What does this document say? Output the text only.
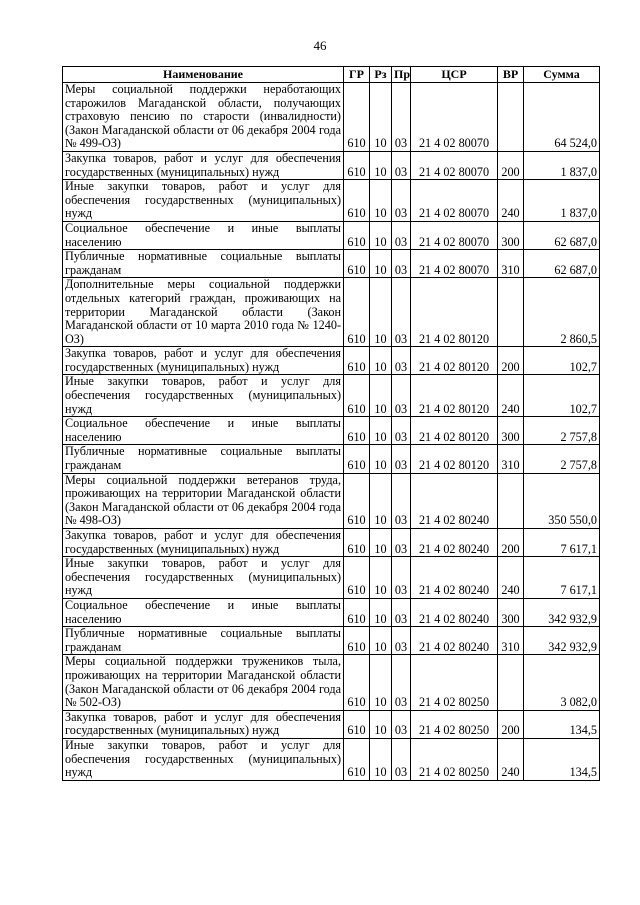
46
Наименование	ГР	Рз	Пр	ЦСР	ВР	Сумма
Меры социальной поддержки неработающих старожилов Магаданской области, получающих страховую пенсию по старости (инвалидности) (Закон Магаданской области от 06 декабря 2004 года № 499-ОЗ)	610	10	03	21 4 02 80070		64 524,0
Закупка товаров, работ и услуг для обеспечения государственных (муниципальных) нужд	610	10	03	21 4 02 80070	200	1 837,0
Иные закупки товаров, работ и услуг для обеспечения государственных (муниципальных) нужд	610	10	03	21 4 02 80070	240	1 837,0
Социальное обеспечение и иные выплаты населению	610	10	03	21 4 02 80070	300	62 687,0
Публичные нормативные социальные выплаты гражданам	610	10	03	21 4 02 80070	310	62 687,0
Дополнительные меры социальной поддержки отдельных категорий граждан, проживающих на территории Магаданской области (Закон Магаданской области от 10 марта 2010 года № 1240-ОЗ)	610	10	03	21 4 02 80120		2 860,5
Закупка товаров, работ и услуг для обеспечения государственных (муниципальных) нужд	610	10	03	21 4 02 80120	200	102,7
Иные закупки товаров, работ и услуг для обеспечения государственных (муниципальных) нужд	610	10	03	21 4 02 80120	240	102,7
Социальное обеспечение и иные выплаты населению	610	10	03	21 4 02 80120	300	2 757,8
Публичные нормативные социальные выплаты гражданам	610	10	03	21 4 02 80120	310	2 757,8
Меры социальной поддержки ветеранов труда, проживающих на территории Магаданской области (Закон Магаданской области от 06 декабря 2004 года № 498-ОЗ)	610	10	03	21 4 02 80240		350 550,0
Закупка товаров, работ и услуг для обеспечения государственных (муниципальных) нужд	610	10	03	21 4 02 80240	200	7 617,1
Иные закупки товаров, работ и услуг для обеспечения государственных (муниципальных) нужд	610	10	03	21 4 02 80240	240	7 617,1
Социальное обеспечение и иные выплаты населению	610	10	03	21 4 02 80240	300	342 932,9
Публичные нормативные социальные выплаты гражданам	610	10	03	21 4 02 80240	310	342 932,9
Меры социальной поддержки тружеников тыла, проживающих на территории Магаданской области (Закон Магаданской области от 06 декабря 2004 года № 502-ОЗ)	610	10	03	21 4 02 80250		3 082,0
Закупка товаров, работ и услуг для обеспечения государственных (муниципальных) нужд	610	10	03	21 4 02 80250	200	134,5
Иные закупки товаров, работ и услуг для обеспечения государственных (муниципальных) нужд	610	10	03	21 4 02 80250	240	134,5
